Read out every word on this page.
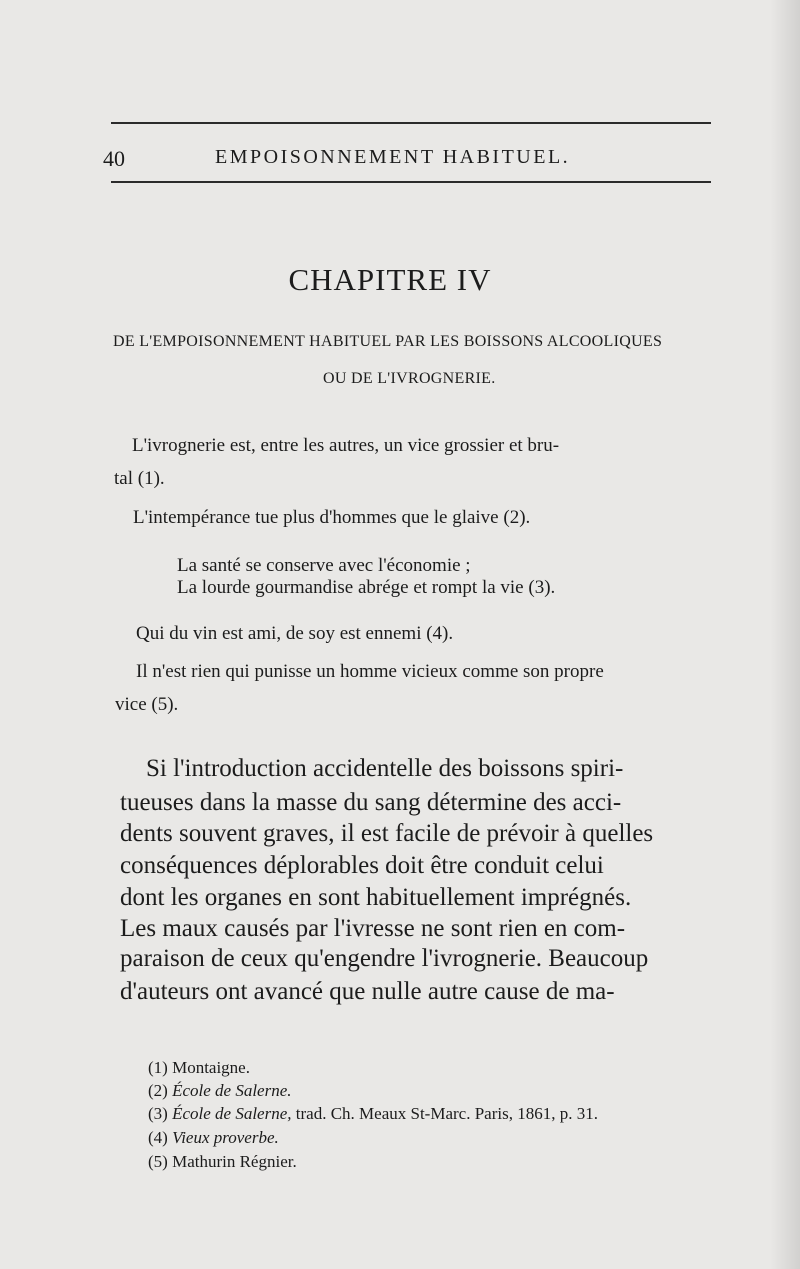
40	EMPOISONNEMENT HABITUEL.
CHAPITRE IV
DE L'EMPOISONNEMENT HABITUEL PAR LES BOISSONS ALCOOLIQUES
OU DE L'IVROGNERIE.
L'ivrognerie est, entre les autres, un vice grossier et bru-
tal (1).
L'intempérance tue plus d'hommes que le glaive (2).
La santé se conserve avec l'économie ;
La lourde gourmandise abrége et rompt la vie (3).
Qui du vin est ami, de soy est ennemi (4).
Il n'est rien qui punisse un homme vicieux comme son propre
vice (5).
Si l'introduction accidentelle des boissons spiri-
tueuses dans la masse du sang détermine des acci-
dents souvent graves, il est facile de prévoir à quelles
conséquences déplorables doit être conduit celui
dont les organes en sont habituellement imprégnés.
Les maux causés par l'ivresse ne sont rien en com-
paraison de ceux qu'engendre l'ivrognerie. Beaucoup
d'auteurs ont avancé que nulle autre cause de ma-
(1) Montaigne.
(2) École de Salerne.
(3) École de Salerne, trad. Ch. Meaux St-Marc. Paris, 1861, p. 31.
(4) Vieux proverbe.
(5) Mathurin Régnier.
